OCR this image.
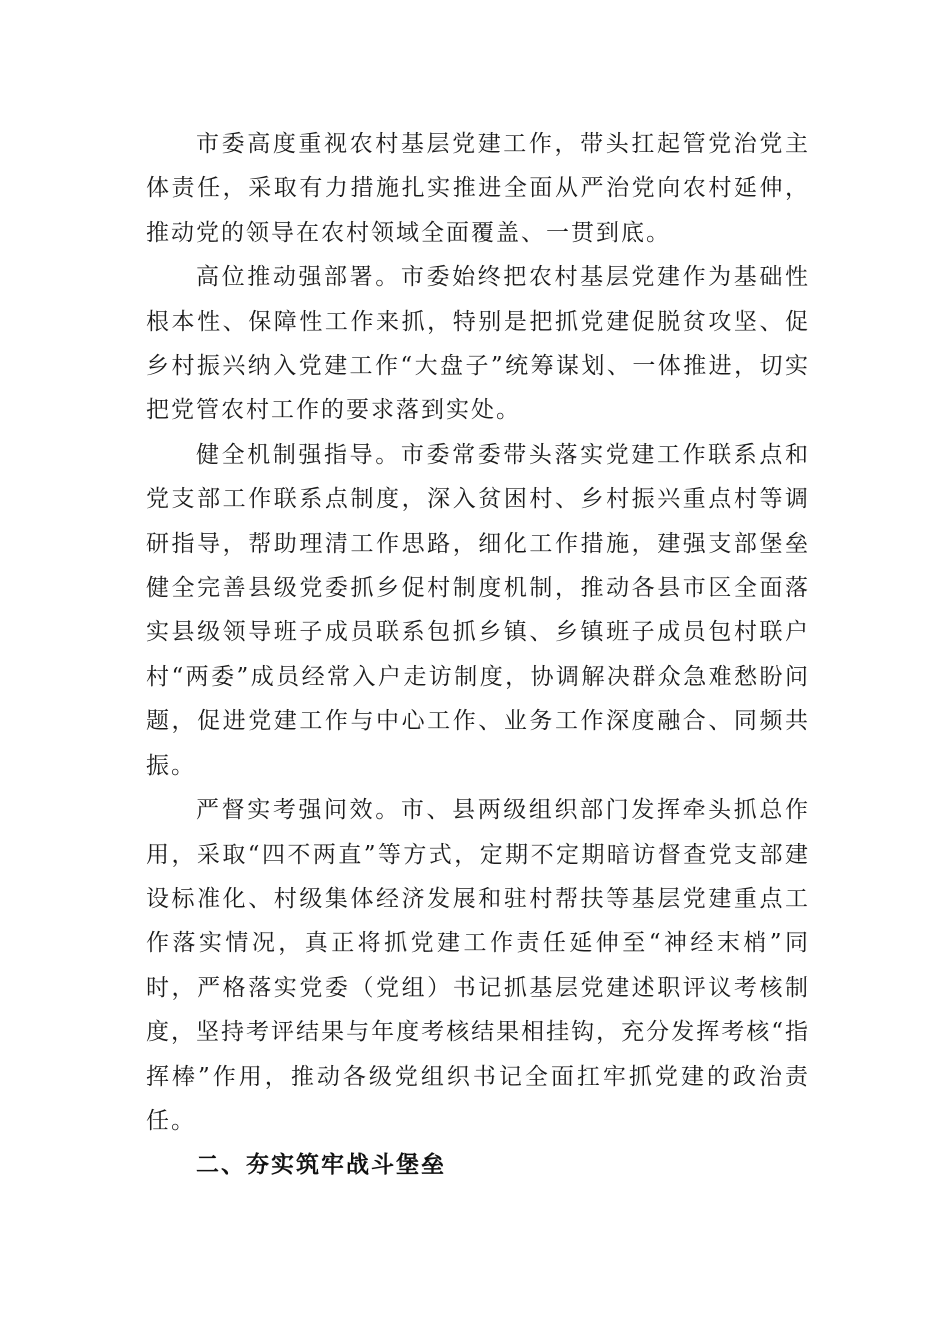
市委高度重视农村基层党建工作，带头扛起管党治党主体责任，采取有力措施扎实推进全面从严治党向农村延伸，推动党的领导在农村领域全面覆盖、一贯到底。

高位推动强部署。市委始终把农村基层党建作为基础性根本性、保障性工作来抓，特别是把抓党建促脱贫攻坚、促乡村振兴纳入党建工作“大盘子”统筹谋划、一体推进，切实把党管农村工作的要求落到实处。

健全机制强指导。市委常委带头落实党建工作联系点和党支部工作联系点制度，深入贫困村、乡村振兴重点村等调研指导，帮助理清工作思路，细化工作措施，建强支部堡垒健全完善县级党委抓乡促村制度机制，推动各县市区全面落实县级领导班子成员联系包抓乡镇、乡镇班子成员包村联户村“两委”成员经常入户走访制度，协调解决群众急难愁盼问题，促进党建工作与中心工作、业务工作深度融合、同频共振。

严督实考强问效。市、县两级组织部门发挥牵头抓总作用，采取“四不两直”等方式，定期不定期暗访督查党支部建设标准化、村级集体经济发展和驻村帮扶等基层党建重点工作落实情况，真正将抓党建工作责任延伸至“神经末梢”同时，严格落实党委（党组）书记抓基层党建述职评议考核制度，坚持考评结果与年度考核结果相挂钩，充分发挥考核“指挥棒”作用，推动各级党组织书记全面扛牢抓党建的政治责任。

二、夯实筑牢战斗堡垒
